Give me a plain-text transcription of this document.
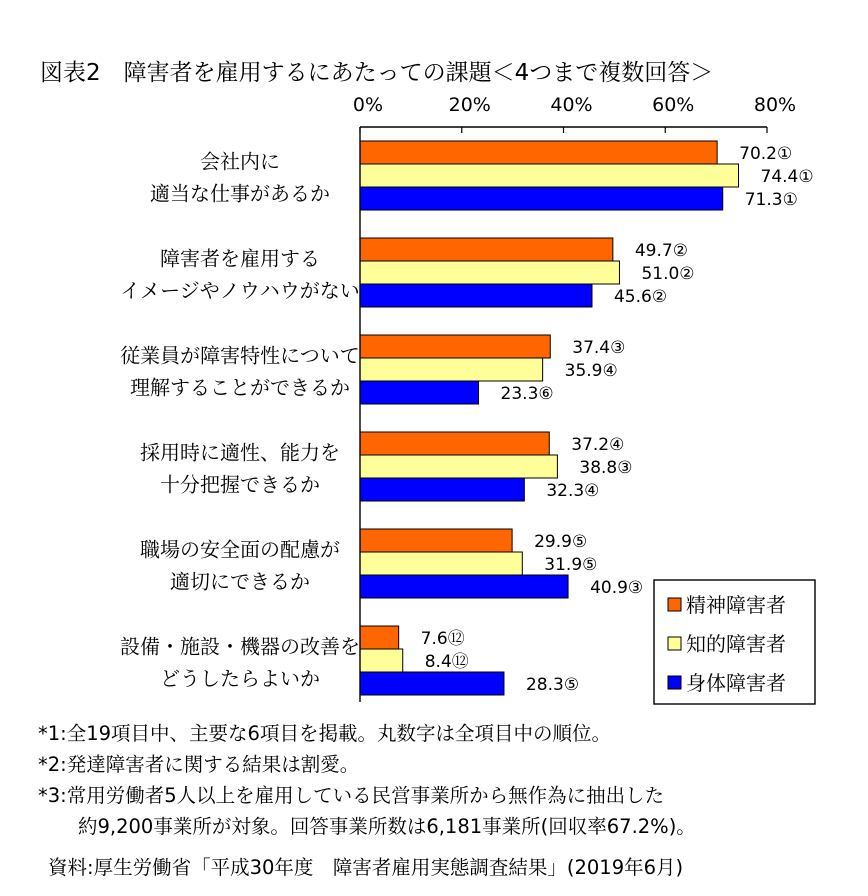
図表2　障害者を雇用するにあたっての課題＜4つまで複数回答＞
0%	20%	40%	60%	80%
70.2①
74.4①
71.3①
49.7②
51.0②
45.6②
37.4③
35.9④
23.3⑥
37.2④
38.8③
32.3④
29.9⑤
31.9⑤
40.9③
7.6⑫
8.4⑫
28.3⑤
会社内に
適当な仕事があるか
障害者を雇用する
イメージやノウハウがない
従業員が障害特性について
理解することができるか
採用時に適性、能力を
十分把握できるか
職場の安全面の配慮が
適切にできるか
設備・施設・機器の改善を
どうしたらよいか
精神障害者
知的障害者
身体障害者
*1:全19項目中、主要な6項目を掲載。丸数字は全項目中の順位。
*2:発達障害者に関する結果は割愛。
*3:常用労働者5人以上を雇用している民営事業所から無作為に抽出した
約9,200事業所が対象。回答事業所数は6,181事業所(回収率67.2%)。
資料:厚生労働省「平成30年度　障害者雇用実態調査結果」(2019年6月)
